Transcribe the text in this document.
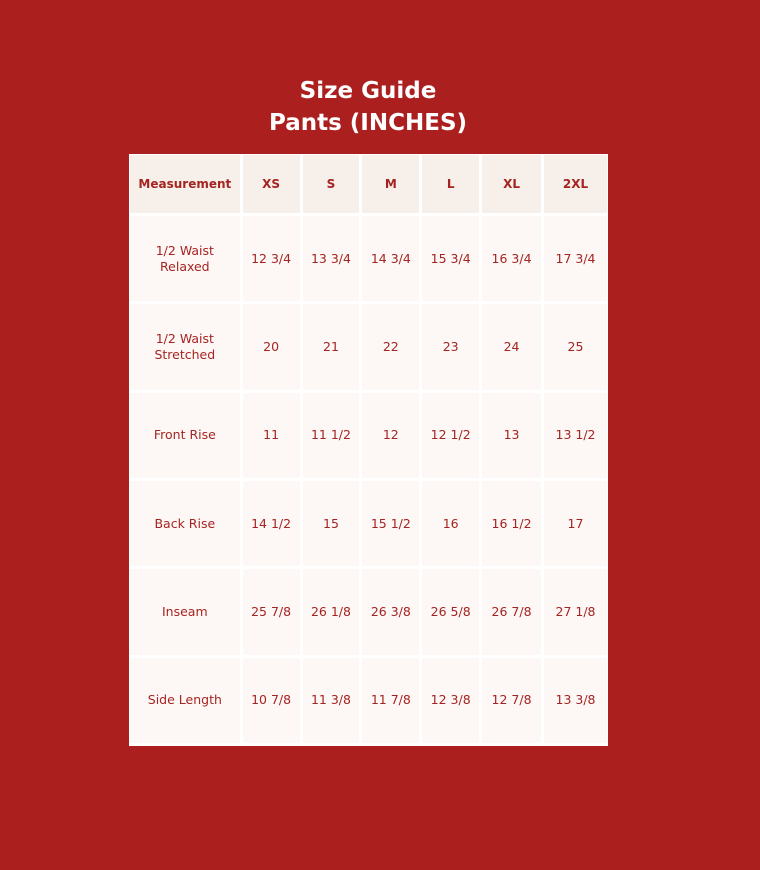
Size Guide
Pants (INCHES)
Measurement	XS	S	M	L	XL	2XL
1/2 Waist Relaxed	12 3/4	13 3/4	14 3/4	15 3/4	16 3/4	17 3/4
1/2 Waist Stretched	20	21	22	23	24	25
Front Rise	11	11 1/2	12	12 1/2	13	13 1/2
Back Rise	14 1/2	15	15 1/2	16	16 1/2	17
Inseam	25 7/8	26 1/8	26 3/8	26 5/8	26 7/8	27 1/8
Side Length	10 7/8	11 3/8	11 7/8	12 3/8	12 7/8	13 3/8
